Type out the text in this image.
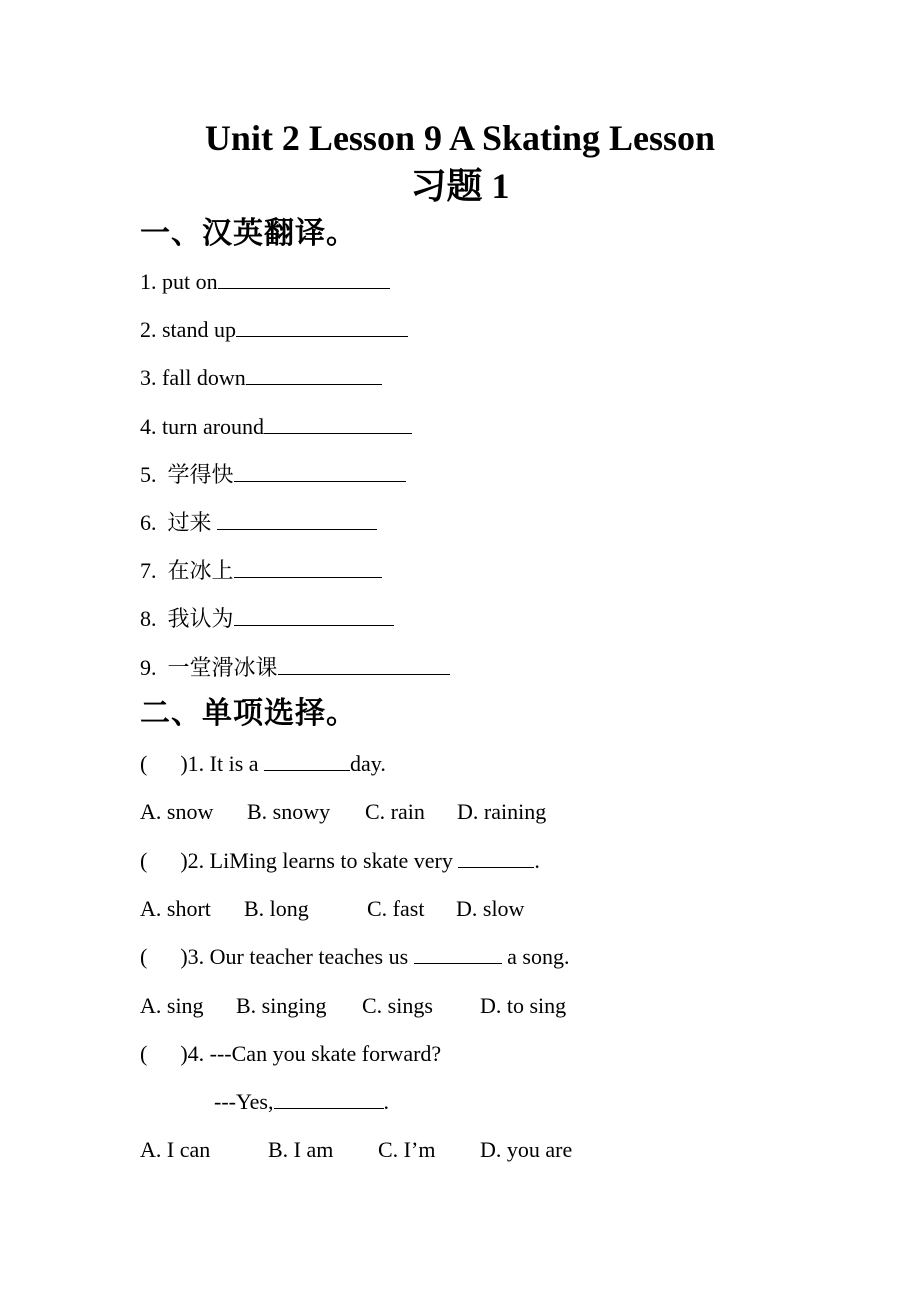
Unit 2 Lesson 9 A Skating Lesson
习题 1
一、汉英翻译。
1. put on
2. stand up
3. fall down
4. turn around
5.  学得快
6.  过来
7.  在冰上
8.  我认为
9.  一堂滑冰课
二、单项选择。
(      )1. It is a	day.
A. snow B. snowy C. rain D. raining
(      )2. LiMing learns to skate very	.
A. short B. long	C. fast D. slow
(      )3. Our teacher teaches us	a song.
A. sing B. singing C. sings D. to sing
(      )4. ---Can you skate forward?
---Yes,	.
A. I can	B. I am C. I’m D. you are
